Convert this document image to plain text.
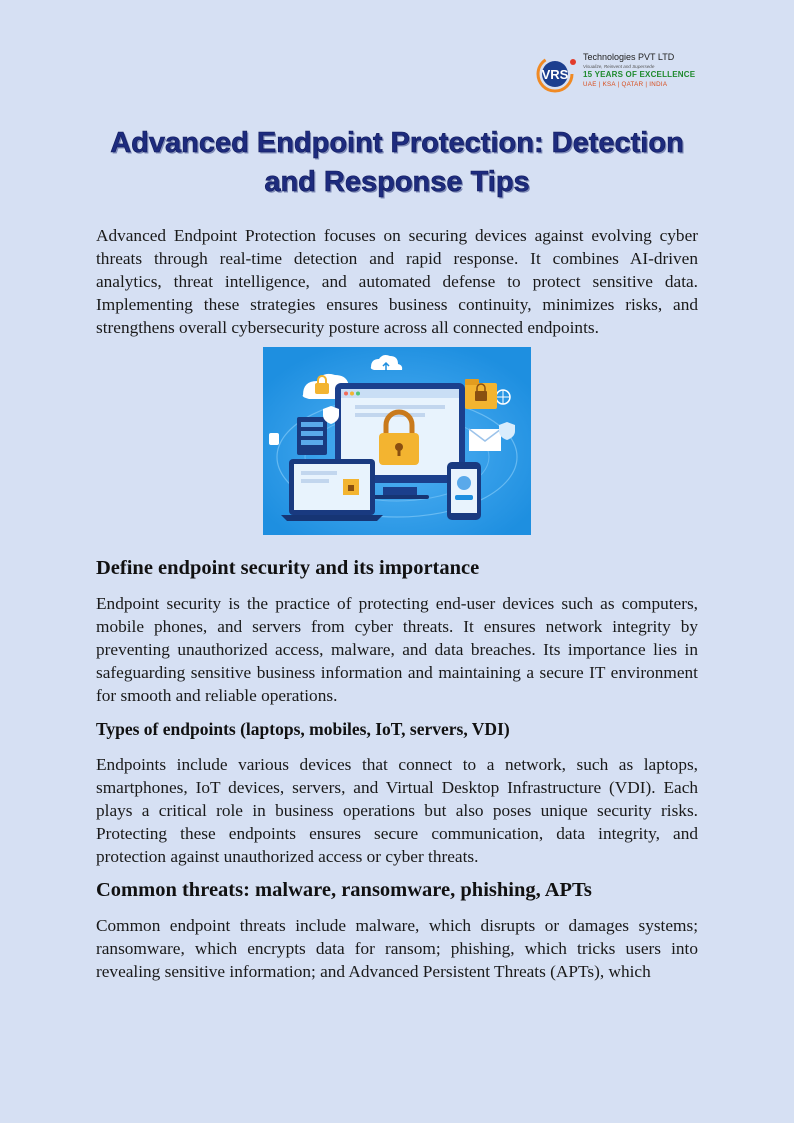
VRS
Technologies PVT LTD
Visualize, Reinvent and Supersede
15 YEARS OF EXCELLENCE
UAE | KSA | QATAR | INDIA
Advanced Endpoint Protection: Detection and Response Tips

Advanced Endpoint Protection focuses on securing devices against evolving cyber threats through real-time detection and rapid response. It combines AI-driven analytics, threat intelligence, and automated defense to protect sensitive data. Implementing these strategies ensures business continuity, minimizes risks, and strengthens overall cybersecurity posture across all connected endpoints.

Define endpoint security and its importance

Endpoint security is the practice of protecting end-user devices such as computers, mobile phones, and servers from cyber threats. It ensures network integrity by preventing unauthorized access, malware, and data breaches. Its importance lies in safeguarding sensitive business information and maintaining a secure IT environment for smooth and reliable operations.

Types of endpoints (laptops, mobiles, IoT, servers, VDI)

Endpoints include various devices that connect to a network, such as laptops, smartphones, IoT devices, servers, and Virtual Desktop Infrastructure (VDI). Each plays a critical role in business operations but also poses unique security risks. Protecting these endpoints ensures secure communication, data integrity, and protection against unauthorized access or cyber threats.

Common threats: malware, ransomware, phishing, APTs

Common endpoint threats include malware, which disrupts or damages systems; ransomware, which encrypts data for ransom; phishing, which tricks users into revealing sensitive information; and Advanced Persistent Threats (APTs), which
